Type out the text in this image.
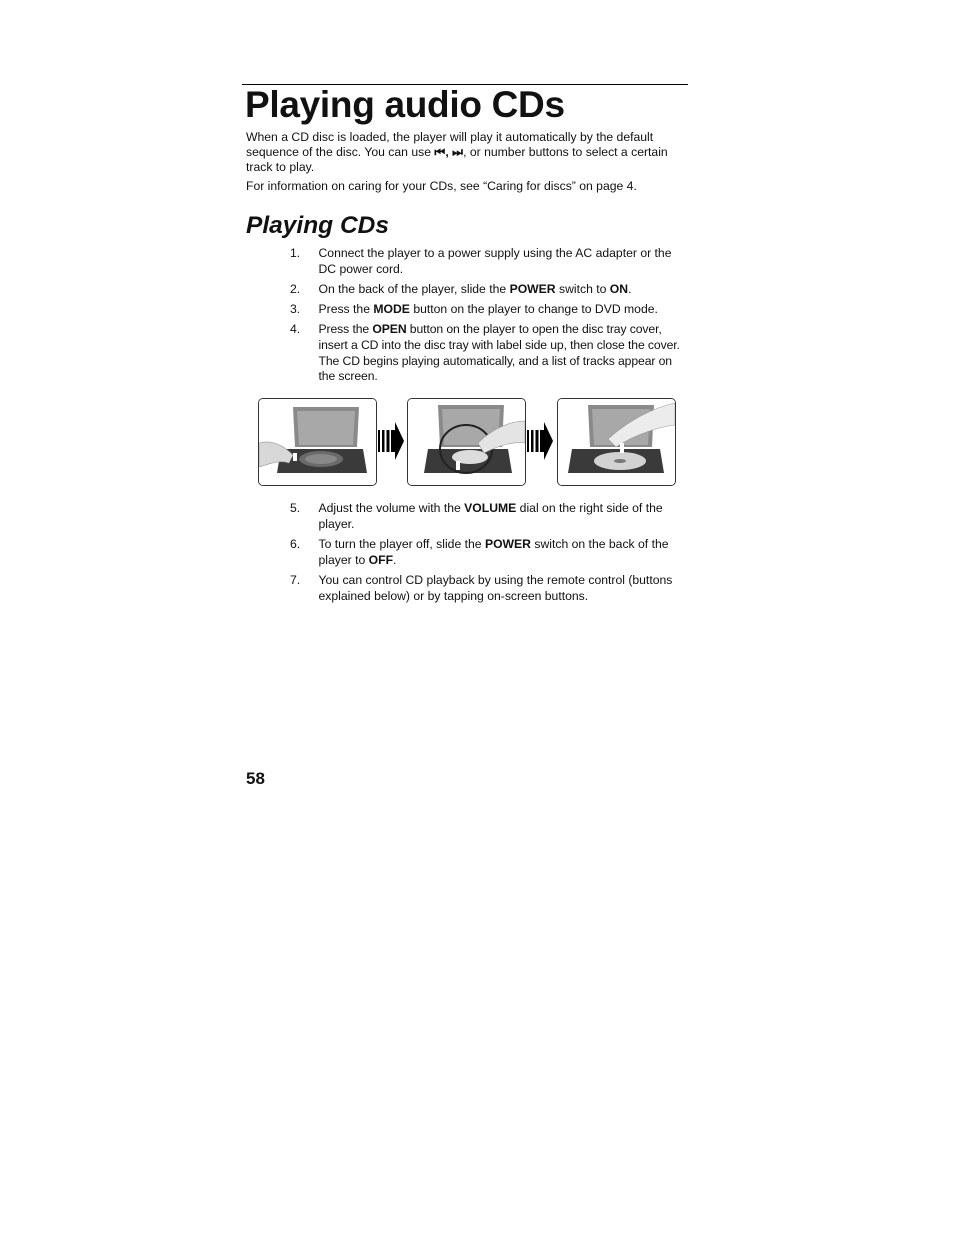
Playing audio CDs

When a CD disc is loaded, the player will play it automatically by the default sequence of the disc. You can use ⏮, ⏭, or number buttons to select a certain track to play.

For information on caring for your CDs, see “Caring for discs” on page 4.

Playing CDs
1. Connect the player to a power supply using the AC adapter or the DC power cord.
2. On the back of the player, slide the POWER switch to ON.
3. Press the MODE button on the player to change to DVD mode.
4. Press the OPEN button on the player to open the disc tray cover, insert a CD into the disc tray with label side up, then close the cover. The CD begins playing automatically, and a list of tracks appear on the screen.
5. Adjust the volume with the VOLUME dial on the right side of the player.
6. To turn the player off, slide the POWER switch on the back of the player to OFF.
7. You can control CD playback by using the remote control (buttons explained below) or by tapping on-screen buttons.

58
